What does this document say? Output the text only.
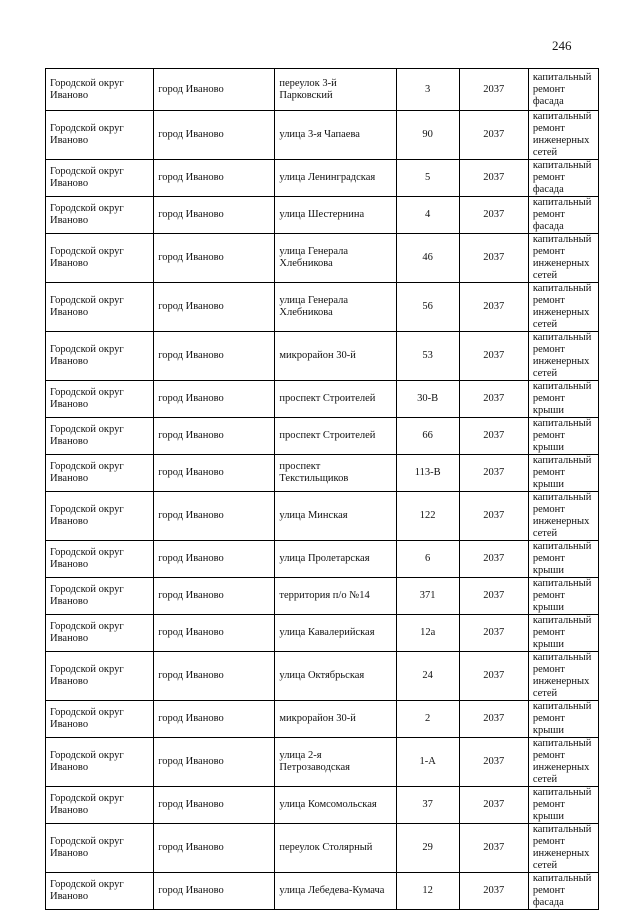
246
Городской округ Иваново	город Иваново	переулок 3-й Парковский	3	2037	капитальный ремонт фасада
Городской округ Иваново	город Иваново	улица 3-я Чапаева	90	2037	капитальный ремонт инженерных сетей
Городской округ Иваново	город Иваново	улица Ленинградская	5	2037	капитальный ремонт фасада
Городской округ Иваново	город Иваново	улица Шестернина	4	2037	капитальный ремонт фасада
Городской округ Иваново	город Иваново	улица Генерала Хлебникова	46	2037	капитальный ремонт инженерных сетей
Городской округ Иваново	город Иваново	улица Генерала Хлебникова	56	2037	капитальный ремонт инженерных сетей
Городской округ Иваново	город Иваново	микрорайон 30-й	53	2037	капитальный ремонт инженерных сетей
Городской округ Иваново	город Иваново	проспект Строителей	30-В	2037	капитальный ремонт крыши
Городской округ Иваново	город Иваново	проспект Строителей	66	2037	капитальный ремонт крыши
Городской округ Иваново	город Иваново	проспект Текстильщиков	113-В	2037	капитальный ремонт крыши
Городской округ Иваново	город Иваново	улица Минская	122	2037	капитальный ремонт инженерных сетей
Городской округ Иваново	город Иваново	улица Пролетарская	6	2037	капитальный ремонт крыши
Городской округ Иваново	город Иваново	территория п/о №14	371	2037	капитальный ремонт крыши
Городской округ Иваново	город Иваново	улица Кавалерийская	12а	2037	капитальный ремонт крыши
Городской округ Иваново	город Иваново	улица Октябрьская	24	2037	капитальный ремонт инженерных сетей
Городской округ Иваново	город Иваново	микрорайон 30-й	2	2037	капитальный ремонт крыши
Городской округ Иваново	город Иваново	улица 2-я Петрозаводская	1-А	2037	капитальный ремонт инженерных сетей
Городской округ Иваново	город Иваново	улица Комсомольская	37	2037	капитальный ремонт крыши
Городской округ Иваново	город Иваново	переулок Столярный	29	2037	капитальный ремонт инженерных сетей
Городской округ Иваново	город Иваново	улица Лебедева-Кумача	12	2037	капитальный ремонт фасада
